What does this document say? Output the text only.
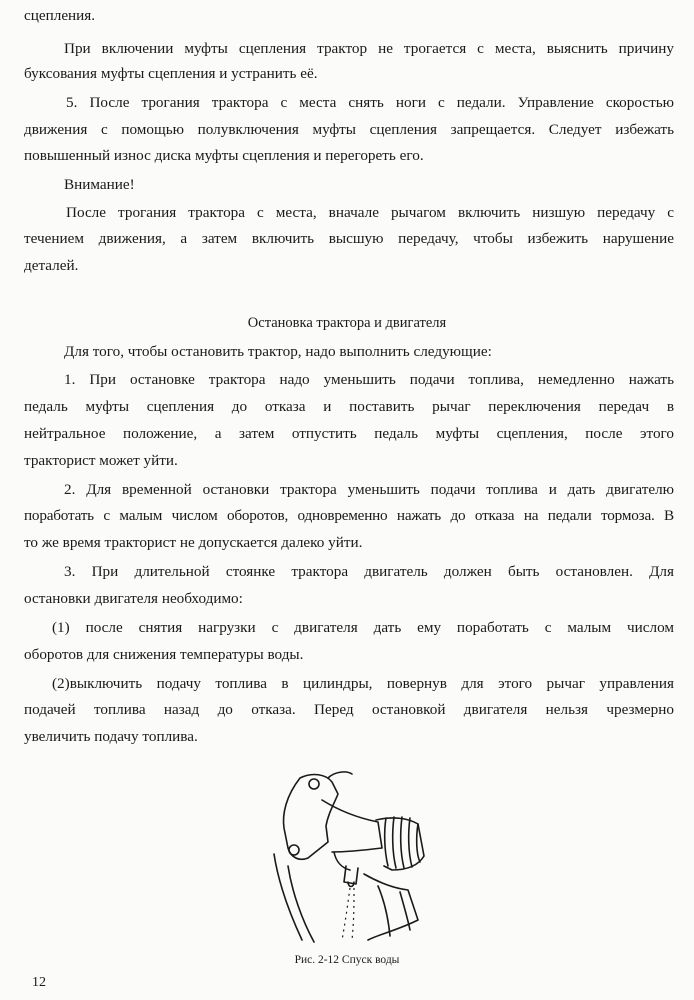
сцепления.
При включении муфты сцепления трактор не трогается с места, выяснить причину
буксования муфты сцепления и устранить её.
5. После трогания трактора с места снять ноги с педали. Управление скоростью
движения с помощью полувключения муфты сцепления запрещается. Следует избежать
повышенный износ диска муфты сцепления и перегореть его.
Внимание!
После трогания трактора с места, вначале рычагом включить низшую передачу с
течением движения, а затем включить высшую передачу, чтобы избежить нарушение
деталей.
Остановка трактора и двигателя
Для того, чтобы остановить трактор, надо выполнить следующие:
1. При остановке трактора надо уменьшить подачи топлива, немедленно нажать
педаль муфты сцепления до отказа и поставить рычаг переключения передач в
нейтральное положение, а затем отпустить педаль муфты сцепления, после этого
тракторист может уйти.
2. Для временной остановки трактора уменьшить подачи топлива и дать двигателю
поработать с малым числом оборотов, одновременно нажать до отказа на педали тормоза. В
то же время тракторист не допускается далеко уйти.
3. При длительной стоянке трактора двигатель должен быть остановлен. Для
остановки двигателя необходимо:
(1) после снятия нагрузки с двигателя дать ему поработать с малым числом
оборотов для снижения температуры воды.
(2)выключить подачу топлива в цилиндры, повернув для этого рычаг управления
подачей топлива назад до отказа. Перед остановкой двигателя нельзя чрезмерно
увеличить подачу топлива.
Рис. 2-12 Спуск воды
12
